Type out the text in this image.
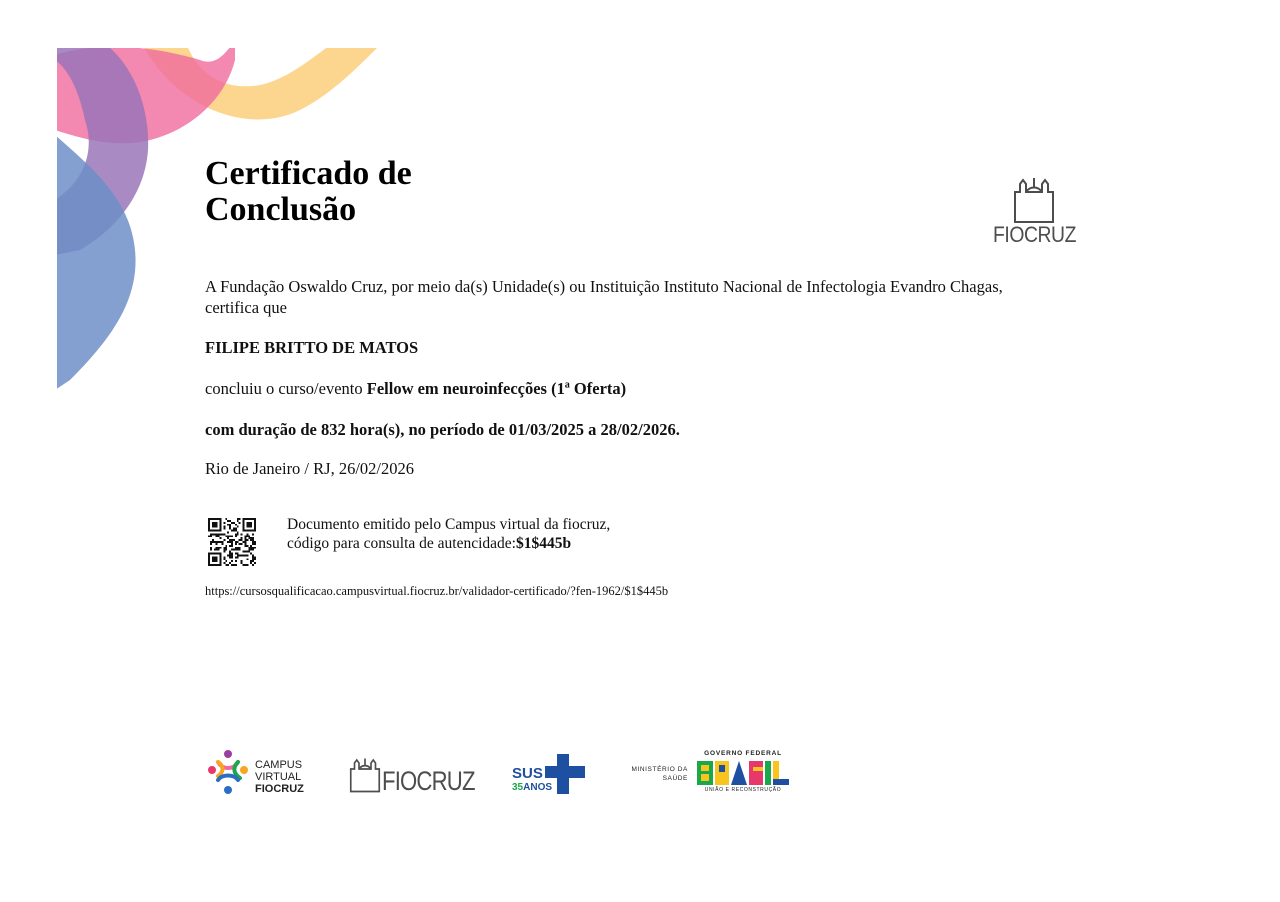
Certificado de
Conclusão
FIOCRUZ

A Fundação Oswaldo Cruz, por meio da(s) Unidade(s) ou Instituição Instituto Nacional de Infectologia Evandro Chagas, certifica que

FILIPE BRITTO DE MATOS

concluiu o curso/evento Fellow em neuroinfecções (1ª Oferta)

com duração de 832 hora(s), no período de 01/03/2025 a 28/02/2026.

Rio de Janeiro / RJ, 26/02/2026

Documento emitido pelo Campus virtual da fiocruz,
código para consulta de autencidade:$1$445b

https://cursosqualificacao.campusvirtual.fiocruz.br/validador-certificado/?fen-1962/$1$445b

CAMPUS
VIRTUAL
FIOCRUZ	FIOCRUZ SUS
35ANOS
MINISTÉRIO DA
SAÚDE
GOVERNO FEDERAL
UNIÃO E RECONSTRUÇÃO
